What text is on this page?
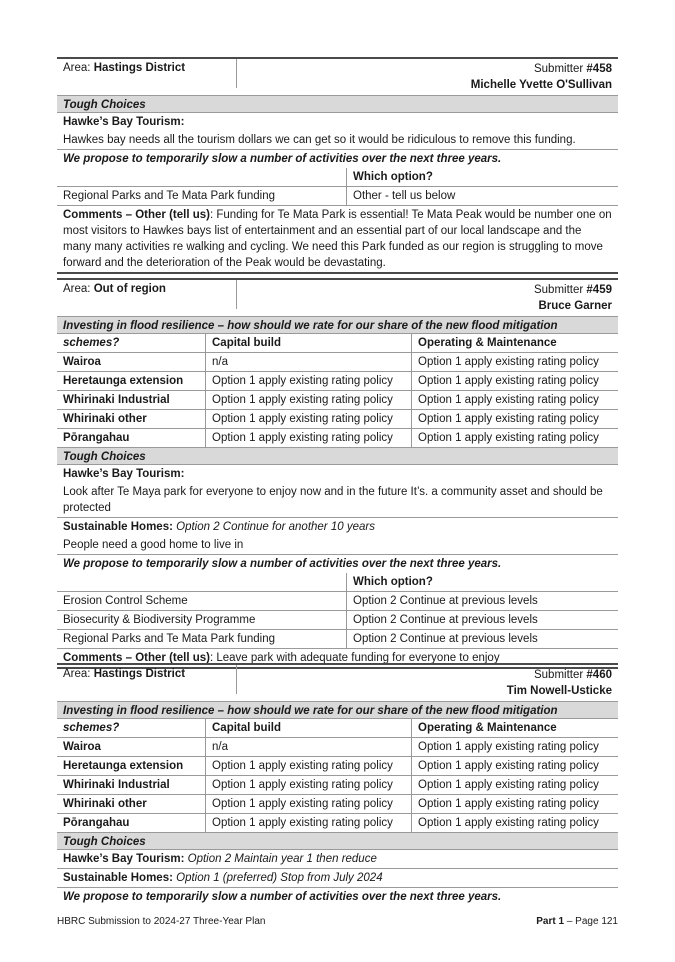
Area: Hastings District	Submitter #458
Michelle Yvette O'Sullivan
Tough Choices
Hawke’s Bay Tourism:
Hawkes bay needs all the tourism dollars we can get so it would be ridiculous to remove this funding.
We propose to temporarily slow a number of activities over the next three years.
Which option?
Regional Parks and Te Mata Park funding	Other - tell us below
Comments – Other (tell us): Funding for Te Mata Park is essential! Te Mata Peak would be number one on most visitors to Hawkes bays list of entertainment and an essential part of our local landscape and the many many activities re walking and cycling. We need this Park funded as our region is struggling to move forward and the deterioration of the Peak would be devastating.
Area: Out of region	Submitter #459
Bruce Garner
Investing in flood resilience – how should we rate for our share of the new flood mitigation schemes?	Capital build	Operating & Maintenance
Wairoa	n/a	Option 1 apply existing rating policy
Heretaunga extension	Option 1 apply existing rating policy	Option 1 apply existing rating policy
Whirinaki Industrial	Option 1 apply existing rating policy	Option 1 apply existing rating policy
Whirinaki other	Option 1 apply existing rating policy	Option 1 apply existing rating policy
Pōrangahau	Option 1 apply existing rating policy	Option 1 apply existing rating policy
Tough Choices
Hawke’s Bay Tourism:
Look after Te Maya park for everyone to enjoy now and in the future It’s. a community asset and should be protected
Sustainable Homes: Option 2 Continue for another 10 years
People need a good home to live in
We propose to temporarily slow a number of activities over the next three years.
Which option?
Erosion Control Scheme	Option 2 Continue at previous levels
Biosecurity & Biodiversity Programme	Option 2 Continue at previous levels
Regional Parks and Te Mata Park funding	Option 2 Continue at previous levels
Comments – Other (tell us): Leave park with adequate funding for everyone to enjoy
Area: Hastings District	Submitter #460
Tim Nowell-Usticke
Investing in flood resilience – how should we rate for our share of the new flood mitigation schemes?	Capital build	Operating & Maintenance
Wairoa	n/a	Option 1 apply existing rating policy
Heretaunga extension	Option 1 apply existing rating policy	Option 1 apply existing rating policy
Whirinaki Industrial	Option 1 apply existing rating policy	Option 1 apply existing rating policy
Whirinaki other	Option 1 apply existing rating policy	Option 1 apply existing rating policy
Pōrangahau	Option 1 apply existing rating policy	Option 1 apply existing rating policy
Tough Choices
Hawke’s Bay Tourism: Option 2 Maintain year 1 then reduce
Sustainable Homes: Option 1 (preferred) Stop from July 2024
We propose to temporarily slow a number of activities over the next three years.
HBRC Submission to 2024-27 Three-Year Plan	Part 1 – Page 121
